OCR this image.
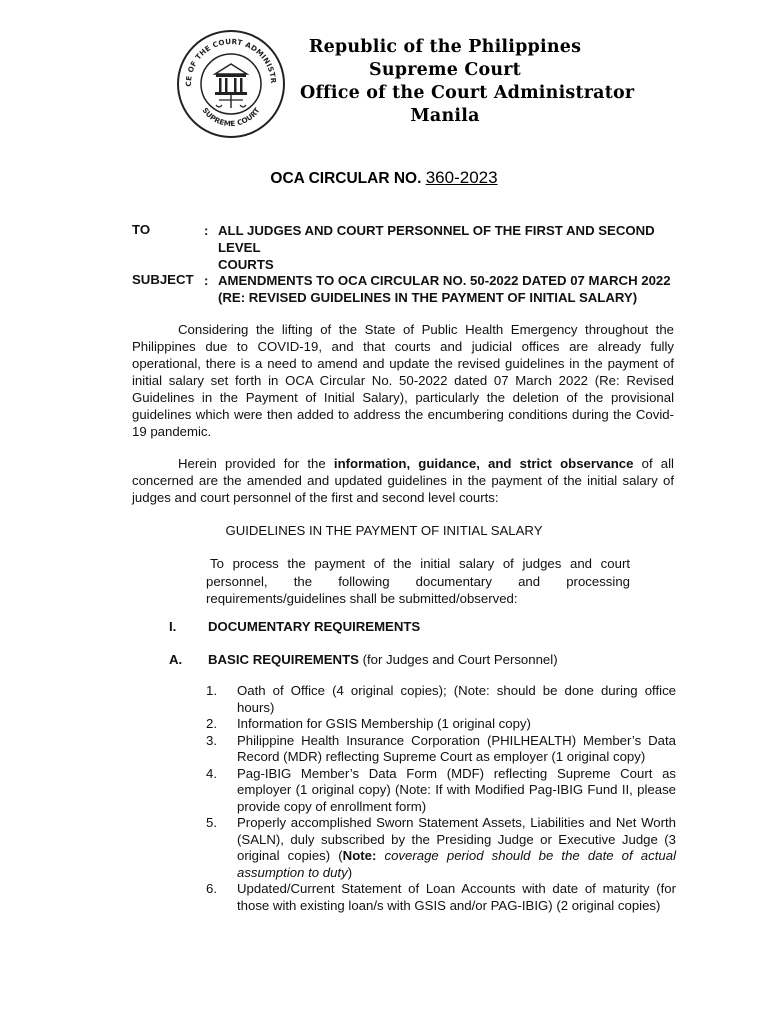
CE OF THE COURT ADMINISTR
SUPREME COURT
Republic of the Philippines
Supreme Court
Office of the Court Administrator
Manila
OCA CIRCULAR NO. 360-2023
TO	: ALL JUDGES AND COURT PERSONNEL OF THE FIRST AND SECOND LEVEL
COURTS
SUBJECT : AMENDMENTS TO OCA CIRCULAR NO. 50-2022 DATED 07 MARCH 2022
(RE: REVISED GUIDELINES IN THE PAYMENT OF INITIAL SALARY)
Considering the lifting of the State of Public Health Emergency throughout the Philippines due to COVID-19, and that courts and judicial offices are already fully operational, there is a need to amend and update the revised guidelines in the payment of initial salary set forth in OCA Circular No. 50-2022 dated 07 March 2022 (Re: Revised Guidelines in the Payment of Initial Salary), particularly the deletion of the provisional guidelines which were then added to address the encumbering conditions during the Covid-19 pandemic.
Herein provided for the information, guidance, and strict observance of all concerned are the amended and updated guidelines in the payment of the initial salary of judges and court personnel of the first and second level courts:
GUIDELINES IN THE PAYMENT OF INITIAL SALARY
To process the payment of the initial salary of judges and court personnel, the following documentary and processing requirements/guidelines shall be submitted/observed:
I. DOCUMENTARY REQUIREMENTS
A. BASIC REQUIREMENTS (for Judges and Court Personnel)
1. Oath of Office (4 original copies); (Note: should be done during office hours)
2. Information for GSIS Membership (1 original copy)
3. Philippine Health Insurance Corporation (PHILHEALTH) Member’s Data Record (MDR) reflecting Supreme Court as employer (1 original copy)
4. Pag-IBIG Member’s Data Form (MDF) reflecting Supreme Court as employer (1 original copy) (Note: If with Modified Pag-IBIG Fund II, please provide copy of enrollment form)
5. Properly accomplished Sworn Statement Assets, Liabilities and Net Worth (SALN), duly subscribed by the Presiding Judge or Executive Judge (3 original copies) (Note: coverage period should be the date of actual assumption to duty)
6. Updated/Current Statement of Loan Accounts with date of maturity (for those with existing loan/s with GSIS and/or PAG-IBIG) (2 original copies)
